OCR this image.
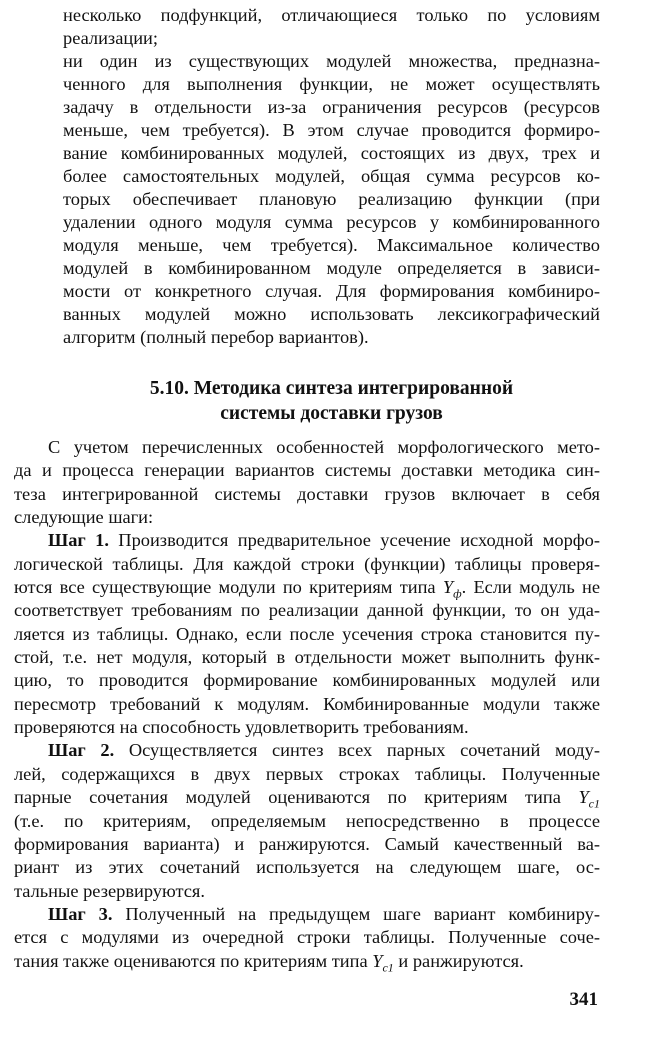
несколько подфункций, отличающиеся только по условиям
реализации;
ни один из существующих модулей множества, предназна-
ченного для выполнения функции, не может осуществлять
задачу в отдельности из-за ограничения ресурсов (ресурсов
меньше, чем требуется). В этом случае проводится формиро-
вание комбинированных модулей, состоящих из двух, трех и
более самостоятельных модулей, общая сумма ресурсов ко-
торых обеспечивает плановую реализацию функции (при
удалении одного модуля сумма ресурсов у комбинированного
модуля меньше, чем требуется). Максимальное количество
модулей в комбинированном модуле определяется в зависи-
мости от конкретного случая. Для формирования комбиниро-
ванных модулей можно использовать лексикографический
алгоритм (полный перебор вариантов).
5.10. Методика синтеза интегрированной
системы доставки грузов
С учетом перечисленных особенностей морфологического мето-
да и процесса генерации вариантов системы доставки методика син-
теза интегрированной системы доставки грузов включает в себя
следующие шаги:
Шаг 1. Производится предварительное усечение исходной морфо-
логической таблицы. Для каждой строки (функции) таблицы проверя-
ются все существующие модули по критериям типа $Y_ф$. Если модуль не
соответствует требованиям по реализации данной функции, то он уда-
ляется из таблицы. Однако, если после усечения строка становится пу-
стой, т.е. нет модуля, который в отдельности может выполнить функ-
цию, то проводится формирование комбинированных модулей или
пересмотр требований к модулям. Комбинированные модули также
проверяются на способность удовлетворить требованиям.
Шаг 2. Осуществляется синтез всех парных сочетаний моду-
лей, содержащихся в двух первых строках таблицы. Полученные
парные сочетания модулей оцениваются по критериям типа $Y_{с1}$
(т.е. по критериям, определяемым непосредственно в процессе
формирования варианта) и ранжируются. Самый качественный ва-
риант из этих сочетаний используется на следующем шаге, ос-
тальные резервируются.
Шаг 3. Полученный на предыдущем шаге вариант комбиниру-
ется с модулями из очередной строки таблицы. Полученные соче-
тания также оцениваются по критериям типа $Y_{с1}$ и ранжируются.
341
